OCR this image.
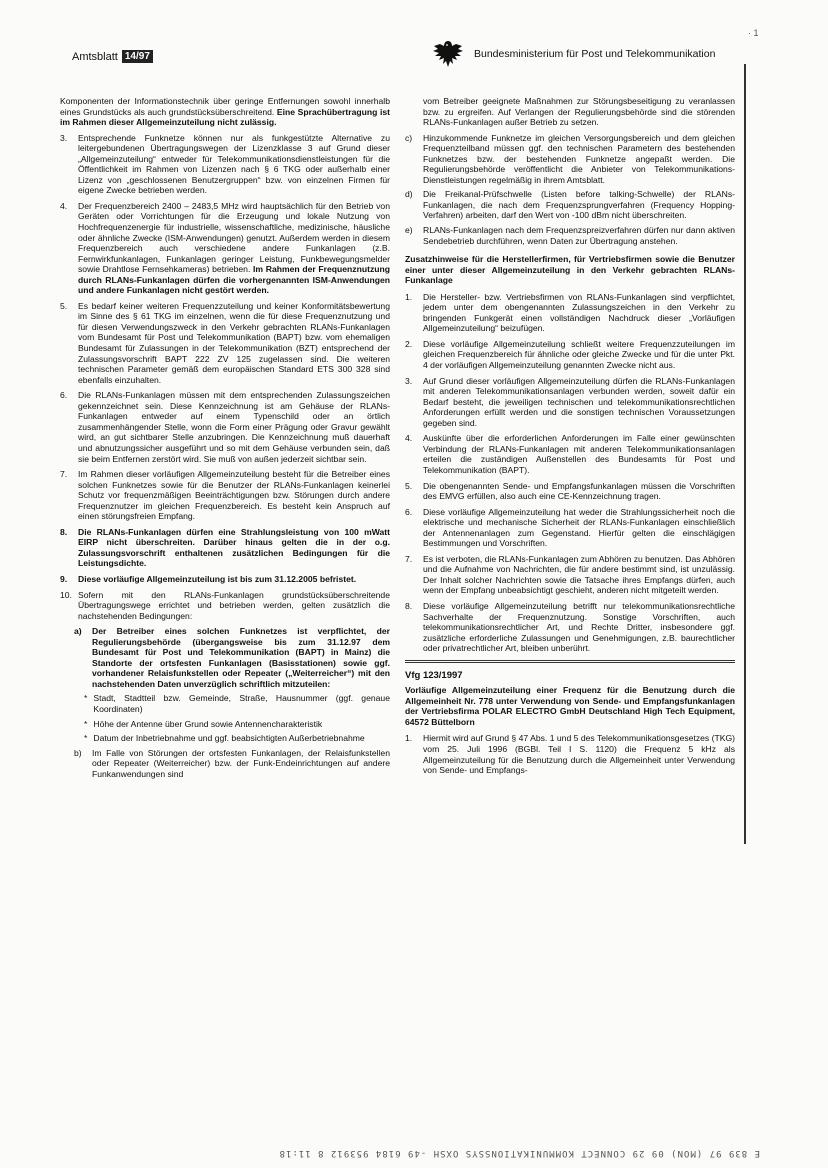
Amtsblatt 14/97
· 1
Bundesministerium für Post und Telekommunikation

Komponenten der Informationstechnik über geringe Entfernungen sowohl innerhalb eines Grundstücks als auch grundstücksüberschreitend. Eine Sprachübertragung ist im Rahmen dieser Allgemeinzuteilung nicht zulässig.

3.	Entsprechende Funknetze können nur als funkgestützte Alternative zu leitergebundenen Übertragungswegen der Lizenzklasse 3 auf Grund dieser „Allgemeinzuteilung“ entweder für Telekommunikationsdienstleistungen für die Öffentlichkeit im Rahmen von Lizenzen nach § 6 TKG oder außerhalb einer Lizenz von „geschlossenen Benutzergruppen“ bzw. von einzelnen Firmen für eigene Zwecke betrieben werden.
4.	Der Frequenzbereich 2400 – 2483,5 MHz wird hauptsächlich für den Betrieb von Geräten oder Vorrichtungen für die Erzeugung und lokale Nutzung von Hochfrequenzenergie für industrielle, wissenschaftliche, medizinische, häusliche oder ähnliche Zwecke (ISM-Anwendungen) genutzt. Außerdem werden in diesem Frequenzbereich auch verschiedene andere Funkanlagen (z.B. Fernwirkfunkanlagen, Funkanlagen geringer Leistung, Funkbewegungsmelder sowie Drahtlose Fernsehkameras) betrieben. Im Rahmen der Frequenznutzung durch RLANs-Funkanlagen dürfen die vorhergenannten ISM-Anwendungen und andere Funkanlagen nicht gestört werden.
5.	Es bedarf keiner weiteren Frequenzzuteilung und keiner Konformitätsbewertung im Sinne des § 61 TKG im einzelnen, wenn die für diese Frequenznutzung und für diesen Verwendungszweck in den Verkehr gebrachten RLANs-Funkanlagen vom Bundesamt für Post und Telekommunikation (BAPT) bzw. vom ehemaligen Bundesamt für Zulassungen in der Telekommunikation (BZT) entsprechend der Zulassungsvorschrift BAPT 222 ZV 125 zugelassen sind. Die weiteren technischen Parameter gemäß dem europäischen Standard ETS 300 328 sind ebenfalls einzuhalten.
6.	Die RLANs-Funkanlagen müssen mit dem entsprechenden Zulassungszeichen gekennzeichnet sein. Diese Kennzeichnung ist am Gehäuse der RLANs-Funkanlagen entweder auf einem Typenschild oder an örtlich zusammenhängender Stelle, wonn die Form einer Prägung oder Gravur gewählt wird, an gut sichtbarer Stelle anzubringen. Die Kennzeichnung muß dauerhaft und abnutzungssicher ausgeführt und so mit dem Gehäuse verbunden sein, daß sie beim Entfernen zerstört wird. Sie muß von außen jederzeit sichtbar sein.
7.	Im Rahmen dieser vorläufigen Allgemeinzuteilung besteht für die Betreiber eines solchen Funknetzes sowie für die Benutzer der RLANs-Funkanlagen keinerlei Schutz vor frequenzmäßigen Beeinträchtigungen bzw. Störungen durch andere Frequenznutzer im gleichen Frequenzbereich. Es besteht kein Anspruch auf einen störungsfreien Empfang.
8.	Die RLANs-Funkanlagen dürfen eine Strahlungsleistung von 100 mWatt EIRP nicht überschreiten. Darüber hinaus gelten die in der o.g. Zulassungsvorschrift enthaltenen zusätzlichen Bedingungen für die Leistungsdichte.
9.	Diese vorläufige Allgemeinzuteilung ist bis zum 31.12.2005 befristet.
10. Sofern mit den RLANs-Funkanlagen grundstücksüberschreitende Übertragungswege errichtet und betrieben werden, gelten zusätzlich die nachstehenden Bedingungen:
a)	Der Betreiber eines solchen Funknetzes ist verpflichtet, der Regulierungsbehörde (übergangsweise bis zum 31.12.97 dem Bundesamt für Post und Telekommunikation (BAPT) in Mainz) die Standorte der ortsfesten Funkanlagen (Basisstationen) sowie ggf. vorhandener Relaisfunkstellen oder Repeater („Weiterreicher“) mit den nachstehenden Daten unverzüglich schriftlich mitzuteilen:
* Stadt, Stadtteil bzw. Gemeinde, Straße, Hausnummer (ggf. genaue Koordinaten)
* Höhe der Antenne über Grund sowie Antennencharakteristik
* Datum der Inbetriebnahme und ggf. beabsichtigten Außerbetriebnahme
b)	Im Falle von Störungen der ortsfesten Funkanlagen, der Relaisfunkstellen oder Repeater (Weiterreicher) bzw. der Funk-Endeinrichtungen auf andere Funkanwendungen sind

vom Betreiber geeignete Maßnahmen zur Störungsbeseitigung zu veranlassen bzw. zu ergreifen. Auf Verlangen der Regulierungsbehörde sind die störenden RLANs-Funkanlagen außer Betrieb zu setzen.

c)	Hinzukommende Funknetze im gleichen Versorgungsbereich und dem gleichen Frequenzteilband müssen ggf. den technischen Parametern des bestehenden Funknetzes bzw. der bestehenden Funknetze angepaßt werden. Die Regulierungsbehörde veröffentlicht die Anbieter von Telekommunikations-Dienstleistungen regelmäßig in ihrem Amtsblatt.
d)	Die Freikanal-Prüfschwelle (Listen before talking-Schwelle) der RLANs-Funkanlagen, die nach dem Frequenzsprungverfahren (Frequency Hopping-Verfahren) arbeiten, darf den Wert von -100 dBm nicht überschreiten.
e)	RLANs-Funkanlagen nach dem Frequenzspreizverfahren dürfen nur dann aktiven Sendebetrieb durchführen, wenn Daten zur Übertragung anstehen.
Zusatzhinweise für die Herstellerfirmen, für Vertriebsfirmen sowie die Benutzer einer unter dieser Allgemeinzuteilung in den Verkehr gebrachten RLANs-Funkanlage
1.	Die Hersteller- bzw. Vertriebsfirmen von RLANs-Funkanlagen sind verpflichtet, jedem unter dem obengenannten Zulassungszeichen in den Verkehr zu bringenden Funkgerät einen vollständigen Nachdruck dieser „Vorläufigen Allgemeinzuteilung“ beizufügen.
2.	Diese vorläufige Allgemeinzuteilung schließt weitere Frequenzzuteilungen im gleichen Frequenzbereich für ähnliche oder gleiche Zwecke und für die unter Pkt. 4 der vorläufigen Allgemeinzuteilung genannten Zwecke nicht aus.
3.	Auf Grund dieser vorläufigen Allgemeinzuteilung dürfen die RLANs-Funkanlagen mit anderen Telekommunikationsanlagen verbunden werden, soweit dafür ein Bedarf besteht, die jeweiligen technischen und telekommunikationsrechtlichen Anforderungen erfüllt werden und die sonstigen technischen Voraussetzungen gegeben sind.
4.	Auskünfte über die erforderlichen Anforderungen im Falle einer gewünschten Verbindung der RLANs-Funkanlagen mit anderen Telekommunikationsanlagen erteilen die zuständigen Außenstellen des Bundesamts für Post und Telekommunikation (BAPT).
5.	Die obengenannten Sende- und Empfangsfunkanlagen müssen die Vorschriften des EMVG erfüllen, also auch eine CE-Kennzeichnung tragen.
6.	Diese vorläufige Allgemeinzuteilung hat weder die Strahlungssicherheit noch die elektrische und mechanische Sicherheit der RLANs-Funkanlagen einschließlich der Antennenanlagen zum Gegenstand. Hierfür gelten die einschlägigen Bestimmungen und Vorschriften.
7.	Es ist verboten, die RLANs-Funkanlagen zum Abhören zu benutzen. Das Abhören und die Aufnahme von Nachrichten, die für andere bestimmt sind, ist unzulässig. Der Inhalt solcher Nachrichten sowie die Tatsache ihres Empfangs dürfen, auch wenn der Empfang unbeabsichtigt geschieht, anderen nicht mitgeteilt werden.
8.	Diese vorläufige Allgemeinzuteilung betrifft nur telekommunikationsrechtliche Sachverhalte der Frequenznutzung. Sonstige Vorschriften, auch telekommunikationsrechtlicher Art, und Rechte Dritter, insbesondere ggf. zusätzliche erforderliche Zulassungen und Genehmigungen, z.B. baurechtlicher oder privatrechtlicher Art, bleiben unberührt.
Vfg 123/1997
Vorläufige Allgemeinzuteilung einer Frequenz für die Benutzung durch die Allgemeinheit Nr. 778 unter Verwendung von Sende- und Empfangsfunkanlagen der Vertriebsfirma POLAR ELECTRO GmbH Deutschland High Tech Equipment, 64572 Büttelborn
1.	Hiermit wird auf Grund § 47 Abs. 1 und 5 des Telekommunikationsgesetzes (TKG) vom 25. Juli 1996 (BGBl. Teil I S. 1120) die Frequenz 5 kHz als Allgemeinzuteilung für die Benutzung durch die Allgemeinheit unter Verwendung von Sende- und Empfangs-
E 839 97 (MON) 09 29 CONNECT KOMMUNIKATIONSSYS OXSH -49 6184 953912 8 11:18
